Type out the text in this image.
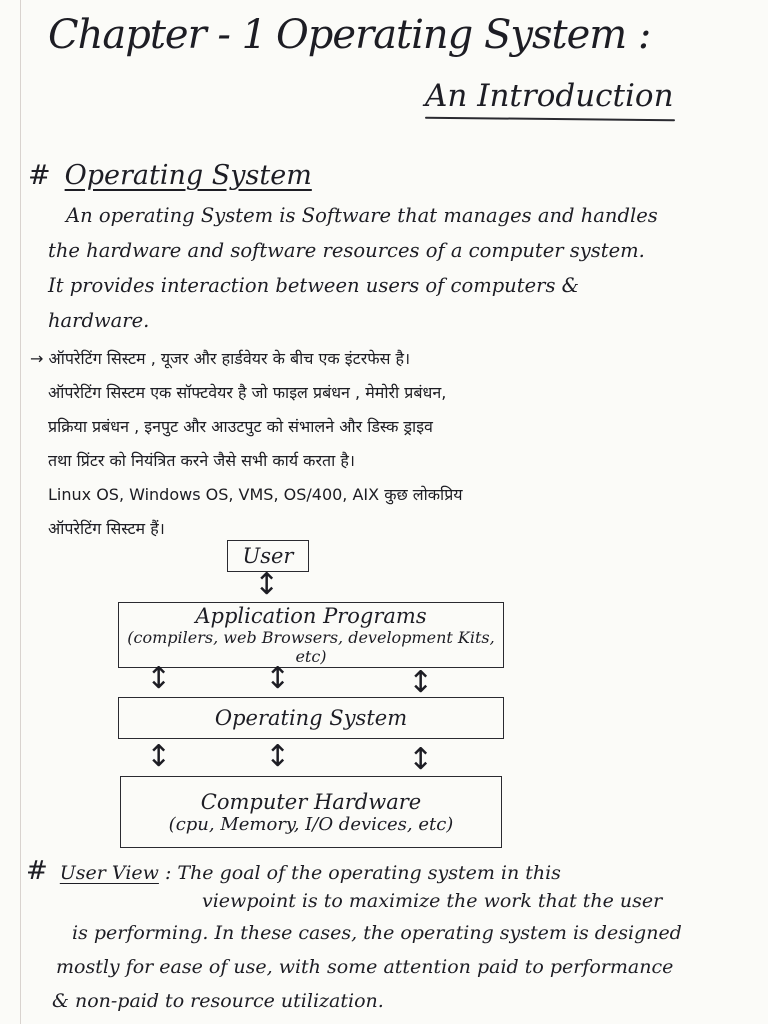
Chapter - 1 Operating System :
An Introduction
# Operating System

An operating System is Software that manages and handles

the hardware and software resources of a computer system.

It provides interaction between users of computers &

hardware.

→ ऑपरेटिंग सिस्टम , यूजर और हार्डवेयर के बीच एक इंटरफेस है।

ऑपरेटिंग सिस्टम एक सॉफ्टवेयर है जो फाइल प्रबंधन , मेमोरी प्रबंधन,

प्रक्रिया प्रबंधन , इनपुट और आउटपुट को संभालने और डिस्क ड्राइव

तथा प्रिंटर को नियंत्रित करने जैसे सभी कार्य करता है।

Linux OS, Windows OS, VMS, OS/400, AIX कुछ लोकप्रिय

ऑपरेटिंग सिस्टम हैं।

User
↕
Application Programs
(compilers, web Browsers, development Kits, etc)
↕	↕	↕
Operating System
↕	↕	↕
Computer Hardware
(cpu, Memory, I/O devices, etc)

# User View : The goal of the operating system in this

viewpoint is to maximize the work that the user

is performing. In these cases, the operating system is designed

mostly for ease of use, with some attention paid to performance

& non-paid to resource utilization.
